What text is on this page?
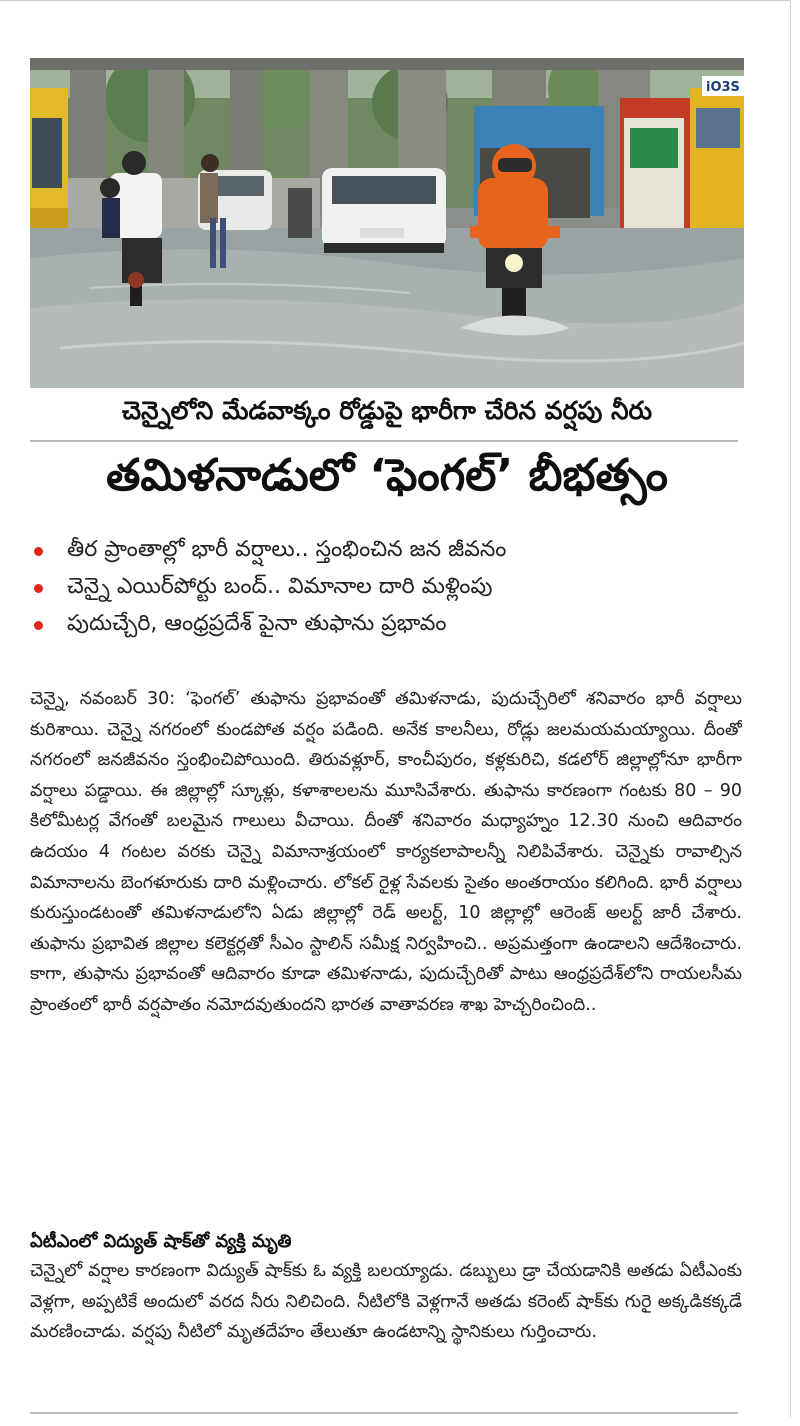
iO3S
చెన్నైలోని మేడవాక్కం రోడ్డుపై భారీగా చేరిన వర్షపు నీరు
తమిళనాడులో ‘ఫెంగల్’ బీభత్సం
తీర ప్రాంతాల్లో భారీ వర్షాలు.. స్తంభించిన జన జీవనం
చెన్నై ఎయిర్‌పోర్టు బంద్.. విమానాల దారి మళ్లింపు
పుదుచ్చేరి, ఆంధ్రప్రదేశ్ పైనా తుఫాను ప్రభావం

చెన్నై, నవంబర్ 30: ‘ఫెంగల్’ తుఫాను ప్రభావంతో తమిళనాడు, పుదుచ్చేరిలో శనివారం భారీ వర్షాలు కురిశాయి. చెన్నై నగరంలో కుండపోత వర్షం పడింది. అనేక కాలనీలు, రోడ్లు జలమయమయ్యాయి. దీంతో నగరంలో జనజీవనం స్తంభించిపోయింది. తిరువళ్లూర్, కాంచీపురం, కళ్లకురిచి, కడలోర్ జిల్లాల్లోనూ భారీగా వర్షాలు పడ్డాయి. ఈ జిల్లాల్లో స్కూళ్లు, కళాశాలలను మూసివేశారు. తుఫాను కారణంగా గంటకు 80 – 90 కిలోమీటర్ల వేగంతో బలమైన గాలులు వీచాయి. దీంతో శనివారం మధ్యాహ్నం 12.30 నుంచి ఆదివారం ఉదయం 4 గంటల వరకు చెన్నై విమానాశ్రయంలో కార్యకలాపాలన్నీ నిలిపివేశారు. చెన్నైకు రావాల్సిన విమానాలను బెంగళూరుకు దారి మళ్లించారు. లోకల్ రైళ్ల సేవలకు సైతం అంతరాయం కలిగింది. భారీ వర్షాలు కురుస్తుండటంతో తమిళనాడులోని ఏడు జిల్లాల్లో రెడ్ అలర్ట్, 10 జిల్లాల్లో ఆరెంజ్ అలర్ట్ జారీ చేశారు. తుఫాను ప్రభావిత జిల్లాల కలెక్టర్లతో సీఎం స్టాలిన్ సమీక్ష నిర్వహించి.. అప్రమత్తంగా ఉండాలని ఆదేశించారు. కాగా, తుఫాను ప్రభావంతో ఆదివారం కూడా తమిళనాడు, పుదుచ్చేరితో పాటు ఆంధ్రప్రదేశ్‌లోని రాయలసీమ ప్రాంతంలో భారీ వర్షపాతం నమోదవుతుందని భారత వాతావరణ శాఖ హెచ్చరించింది..

ఏటీఎంలో విద్యుత్ షాక్‌తో వ్యక్తి మృతి

చెన్నైలో వర్షాల కారణంగా విద్యుత్ షాక్‌కు ఓ వ్యక్తి బలయ్యాడు. డబ్బులు డ్రా చేయడానికి అతడు ఏటీఎంకు వెళ్లగా, అప్పటికే అందులో వరద నీరు నిలిచింది. నీటిలోకి వెళ్లగానే అతడు కరెంట్ షాక్‌కు గురై అక్కడికక్కడే మరణించాడు. వర్షపు నీటిలో మృతదేహం తేలుతూ ఉండటాన్ని స్థానికులు గుర్తించారు.
